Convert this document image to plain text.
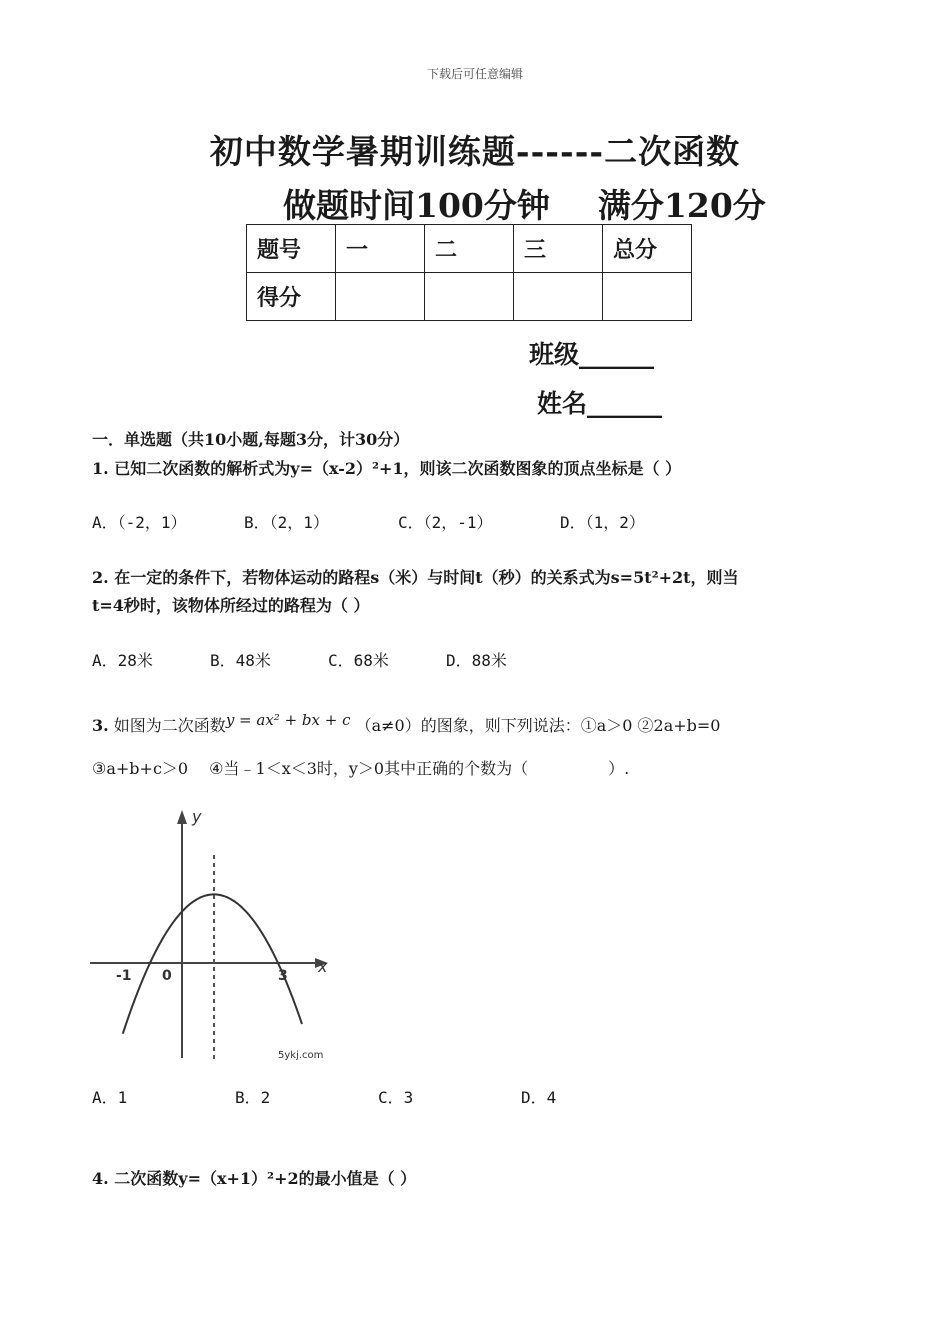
下载后可任意编辑
初中数学暑期训练题------二次函数
做题时间100分钟 满分120分
题号	一	二	三	总分
得分				
班级______
姓名______
一．单选题（共10小题,每题3分，计30分）
1. 已知二次函数的解析式为y=（x-2）²+1，则该二次函数图象的顶点坐标是（ ）
A．（-2，1）	B．（2，1）	C．（2，-1）	D．（1，2）
2. 在一定的条件下，若物体运动的路程s（米）与时间t（秒）的关系式为s=5t²+2t，则当
t=4秒时，该物体所经过的路程为（ ）
A．28米	B．48米	C．68米	D．88米
3. 如图为二次函数y = ax² + bx + c （a≠0）的图象，则下列说法：①a＞0 ②2a+b=0
③a+b+c＞0　 ④当﹣1＜x＜3时，y＞0其中正确的个数为（　　　　　）.
x
y
-1 0	3
5ykj.com
A．1	B．2	C．3	D．4
4. 二次函数y=（x+1）²+2的最小值是（ ）
